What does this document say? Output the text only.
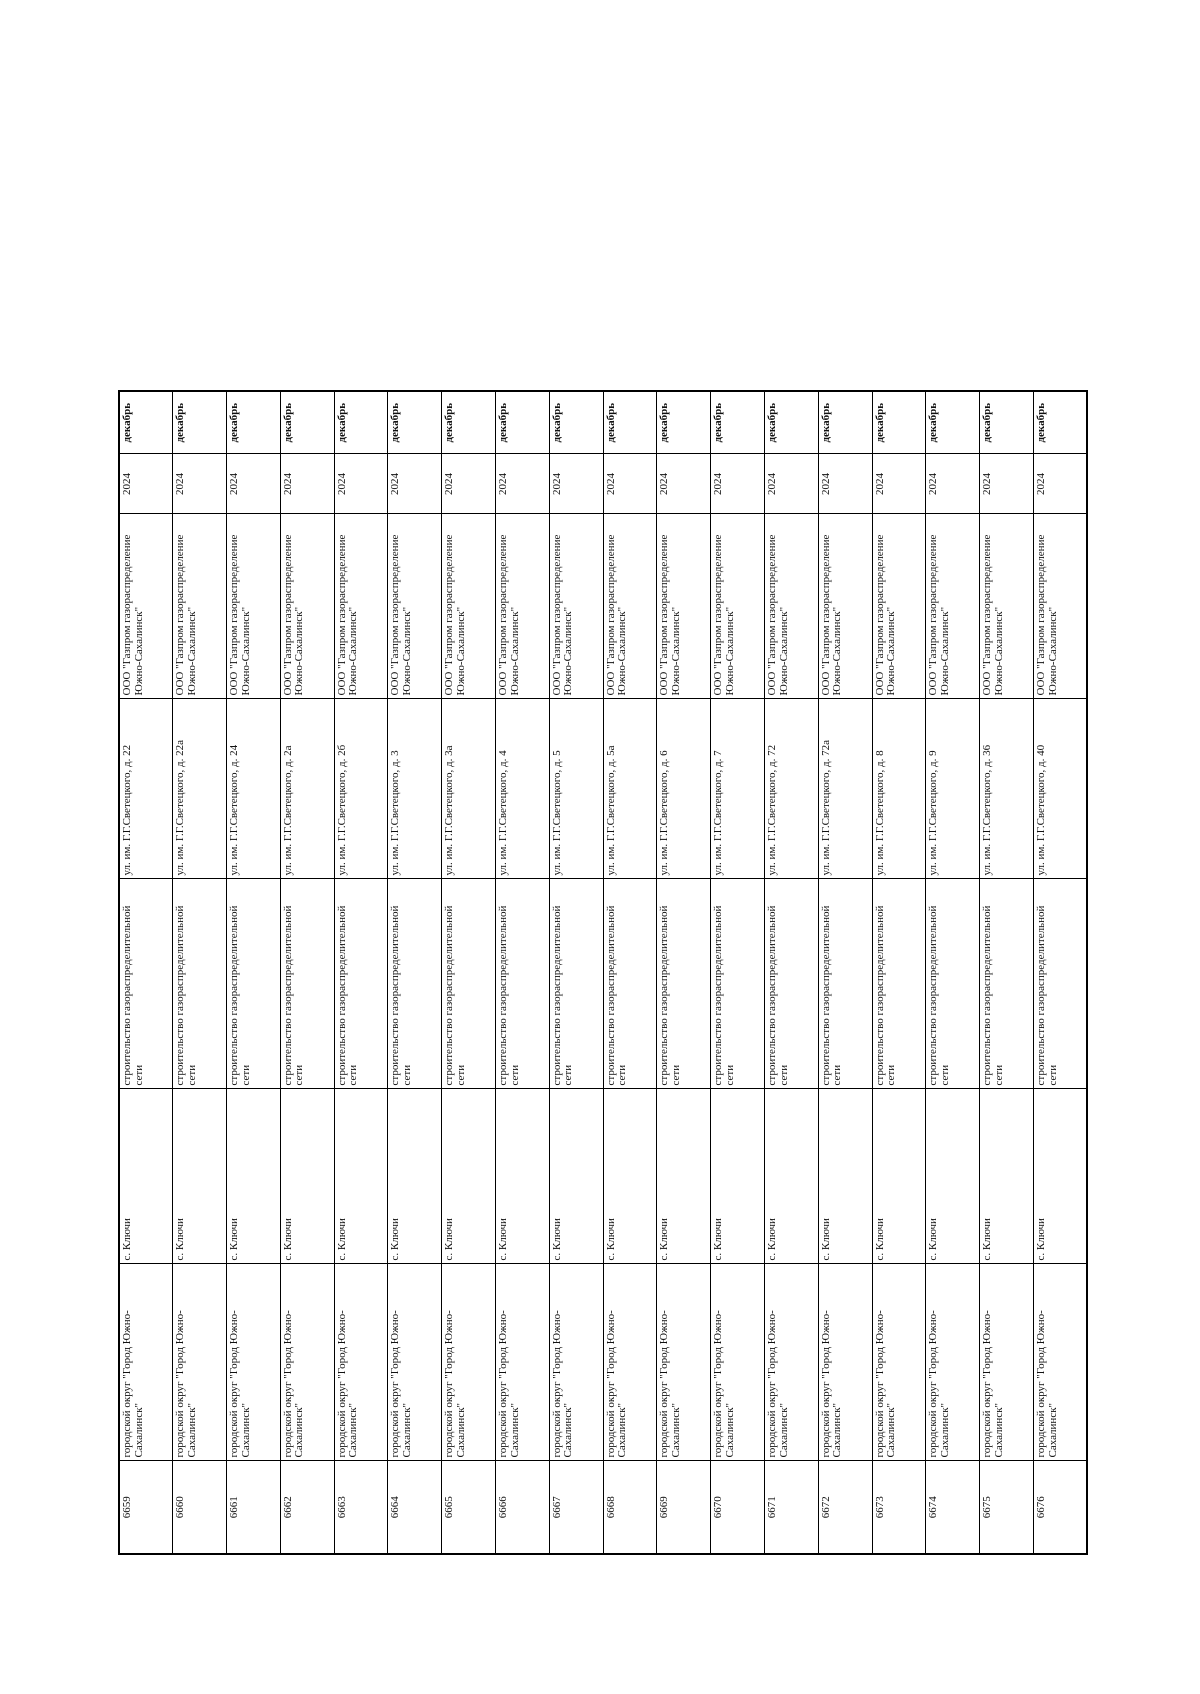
6659	городской округ "Город Южно-Сахалинск"	с. Ключи	строительство газораспределительной сети	ул. им. Г.Г.Светецкого, д. 22	ООО "Газпром газораспределение Южно-Сахалинск"	2024	декабрь
6660	городской округ "Город Южно-Сахалинск"	с. Ключи	строительство газораспределительной сети	ул. им. Г.Г.Светецкого, д. 22а	ООО "Газпром газораспределение Южно-Сахалинск"	2024	декабрь
6661	городской округ "Город Южно-Сахалинск"	с. Ключи	строительство газораспределительной сети	ул. им. Г.Г.Светецкого, д. 24	ООО "Газпром газораспределение Южно-Сахалинск"	2024	декабрь
6662	городской округ "Город Южно-Сахалинск"	с. Ключи	строительство газораспределительной сети	ул. им. Г.Г.Светецкого, д. 2а	ООО "Газпром газораспределение Южно-Сахалинск"	2024	декабрь
6663	городской округ "Город Южно-Сахалинск"	с. Ключи	строительство газораспределительной сети	ул. им. Г.Г.Светецкого, д. 2б	ООО "Газпром газораспределение Южно-Сахалинск"	2024	декабрь
6664	городской округ "Город Южно-Сахалинск"	с. Ключи	строительство газораспределительной сети	ул. им. Г.Г.Светецкого, д. 3	ООО "Газпром газораспределение Южно-Сахалинск"	2024	декабрь
6665	городской округ "Город Южно-Сахалинск"	с. Ключи	строительство газораспределительной сети	ул. им. Г.Г.Светецкого, д. 3а	ООО "Газпром газораспределение Южно-Сахалинск"	2024	декабрь
6666	городской округ "Город Южно-Сахалинск"	с. Ключи	строительство газораспределительной сети	ул. им. Г.Г.Светецкого, д. 4	ООО "Газпром газораспределение Южно-Сахалинск"	2024	декабрь
6667	городской округ "Город Южно-Сахалинск"	с. Ключи	строительство газораспределительной сети	ул. им. Г.Г.Светецкого, д. 5	ООО "Газпром газораспределение Южно-Сахалинск"	2024	декабрь
6668	городской округ "Город Южно-Сахалинск"	с. Ключи	строительство газораспределительной сети	ул. им. Г.Г.Светецкого, д. 5а	ООО "Газпром газораспределение Южно-Сахалинск"	2024	декабрь
6669	городской округ "Город Южно-Сахалинск"	с. Ключи	строительство газораспределительной сети	ул. им. Г.Г.Светецкого, д. 6	ООО "Газпром газораспределение Южно-Сахалинск"	2024	декабрь
6670	городской округ "Город Южно-Сахалинск"	с. Ключи	строительство газораспределительной сети	ул. им. Г.Г.Светецкого, д. 7	ООО "Газпром газораспределение Южно-Сахалинск"	2024	декабрь
6671	городской округ "Город Южно-Сахалинск"	с. Ключи	строительство газораспределительной сети	ул. им. Г.Г.Светецкого, д. 72	ООО "Газпром газораспределение Южно-Сахалинск"	2024	декабрь
6672	городской округ "Город Южно-Сахалинск"	с. Ключи	строительство газораспределительной сети	ул. им. Г.Г.Светецкого, д. 72а	ООО "Газпром газораспределение Южно-Сахалинск"	2024	декабрь
6673	городской округ "Город Южно-Сахалинск"	с. Ключи	строительство газораспределительной сети	ул. им. Г.Г.Светецкого, д. 8	ООО "Газпром газораспределение Южно-Сахалинск"	2024	декабрь
6674	городской округ "Город Южно-Сахалинск"	с. Ключи	строительство газораспределительной сети	ул. им. Г.Г.Светецкого, д. 9	ООО "Газпром газораспределение Южно-Сахалинск"	2024	декабрь
6675	городской округ "Город Южно-Сахалинск"	с. Ключи	строительство газораспределительной сети	ул. им. Г.Г.Светецкого, д. 36	ООО "Газпром газораспределение Южно-Сахалинск"	2024	декабрь
6676	городской округ "Город Южно-Сахалинск"	с. Ключи	строительство газораспределительной сети	ул. им. Г.Г.Светецкого, д. 40	ООО "Газпром газораспределение Южно-Сахалинск"	2024	декабрь
